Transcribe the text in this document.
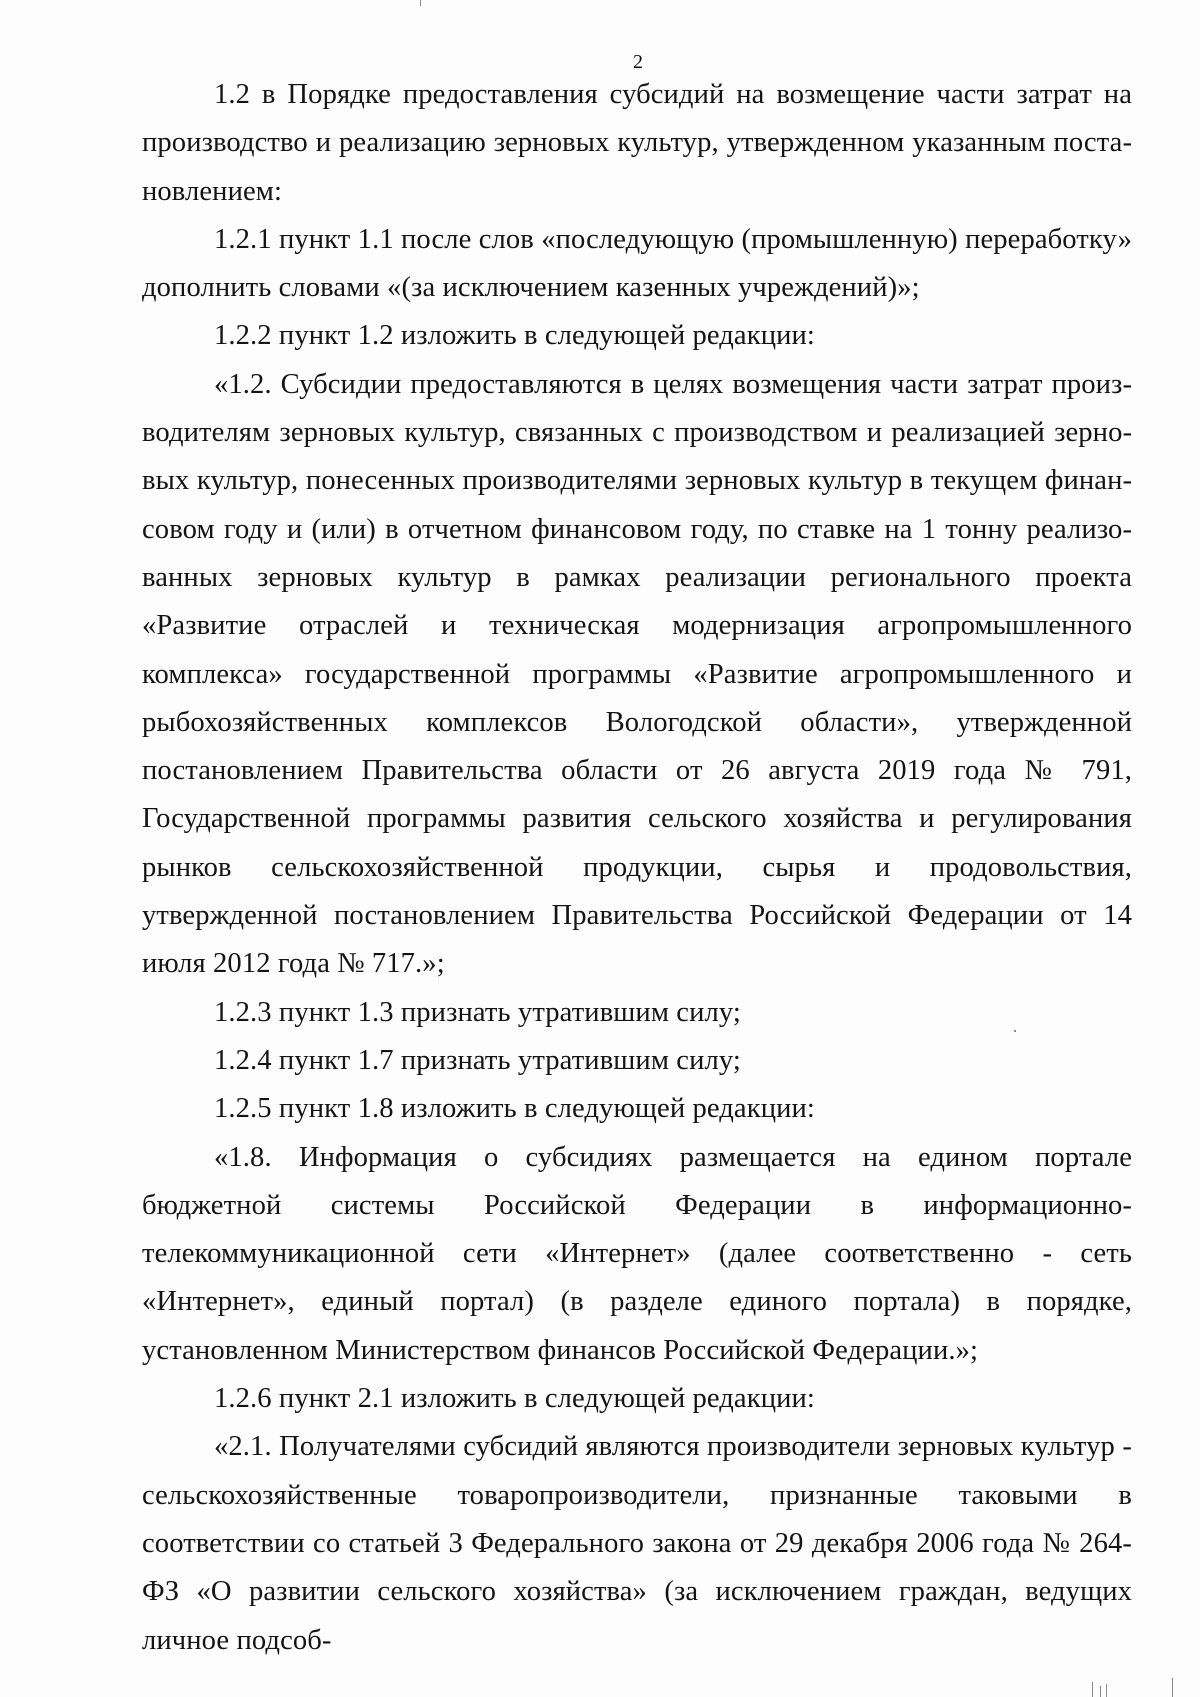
2

1.2 в Порядке предоставления субсидий на возмещение части затрат на производство и реализацию зерновых культур, утвержденном указанным постановлением:

1.2.1 пункт 1.1 после слов «последующую (промышленную) переработку» дополнить словами «(за исключением казенных учреждений)»;

1.2.2 пункт 1.2 изложить в следующей редакции:

«1.2. Субсидии предоставляются в целях возмещения части затрат производителям зерновых культур, связанных с производством и реализацией зерновых культур, понесенных производителями зерновых культур в текущем финансовом году и (или) в отчетном финансовом году, по ставке на 1 тонну реализованных зерновых культур в рамках реализации регионального проекта «Развитие отраслей и техническая модернизация агропромышленного комплекса» государственной программы «Развитие агропромышленного и рыбохозяйственных комплексов Вологодской области», утвержденной постановлением Правительства области от 26 августа 2019 года № 791, Государственной программы развития сельского хозяйства и регулирования рынков сельскохозяйственной продукции, сырья и продовольствия, утвержденной постановлением Правительства Российской Федерации от 14 июля 2012 года № 717.»;

1.2.3 пункт 1.3 признать утратившим силу;

1.2.4 пункт 1.7 признать утратившим силу;

1.2.5 пункт 1.8 изложить в следующей редакции:

«1.8. Информация о субсидиях размещается на едином портале бюджетной системы Российской Федерации в информационно-телекоммуникационной сети «Интернет» (далее соответственно - сеть «Интернет», единый портал) (в разделе единого портала) в порядке, установленном Министерством финансов Российской Федерации.»;

1.2.6 пункт 2.1 изложить в следующей редакции:

«2.1. Получателями субсидий являются производители зерновых культур - сельскохозяйственные товаропроизводители, признанные таковыми в соответствии со статьей 3 Федерального закона от 29 декабря 2006 года № 264-ФЗ «О развитии сельского хозяйства» (за исключением граждан, ведущих личное подсоб-
